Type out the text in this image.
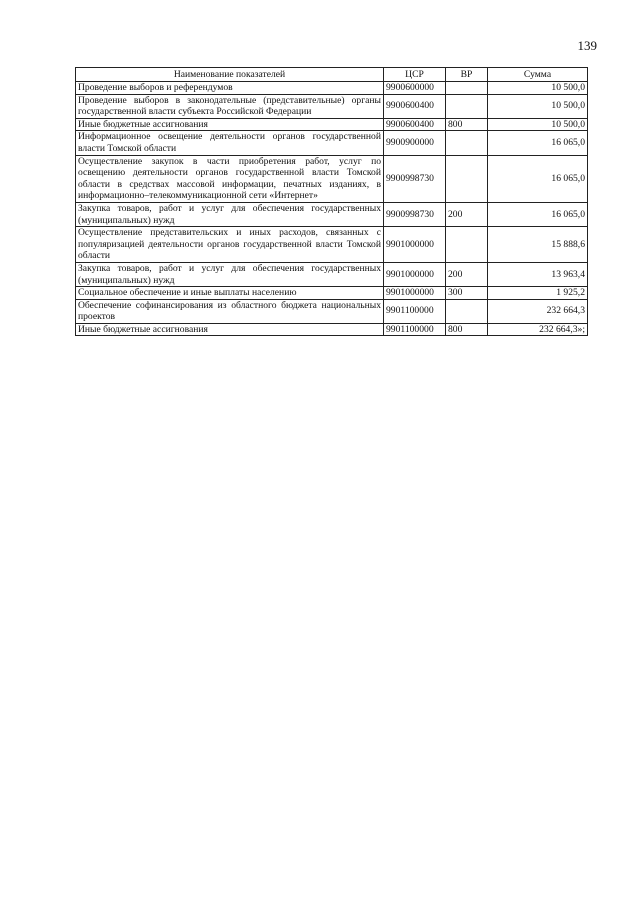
139
Наименование показателей	ЦСР	ВР	Сумма
Проведение выборов и референдумов	9900600000		10 500,0
Проведение выборов в законодательные (представительные) органы государственной власти субъекта Российской Федерации	9900600400		10 500,0
Иные бюджетные ассигнования	9900600400	800	10 500,0
Информационное освещение деятельности органов государственной власти Томской области	9900900000		16 065,0
Осуществление закупок в части приобретения работ, услуг по освещению деятельности органов государственной власти Томской области в средствах массовой информации, печатных изданиях, в информационно–телекоммуникационной сети «Интернет»	9900998730		16 065,0
Закупка товаров, работ и услуг для обеспечения государственных (муниципальных) нужд	9900998730	200	16 065,0
Осуществление представительских и иных расходов, связанных с популяризацией деятельности органов государственной власти Томской области	9901000000		15 888,6
Закупка товаров, работ и услуг для обеспечения государственных (муниципальных) нужд	9901000000	200	13 963,4
Социальное обеспечение и иные выплаты населению	9901000000	300	1 925,2
Обеспечение софинансирования из областного бюджета национальных проектов	9901100000		232 664,3
Иные бюджетные ассигнования	9901100000	800	232 664,3»;
